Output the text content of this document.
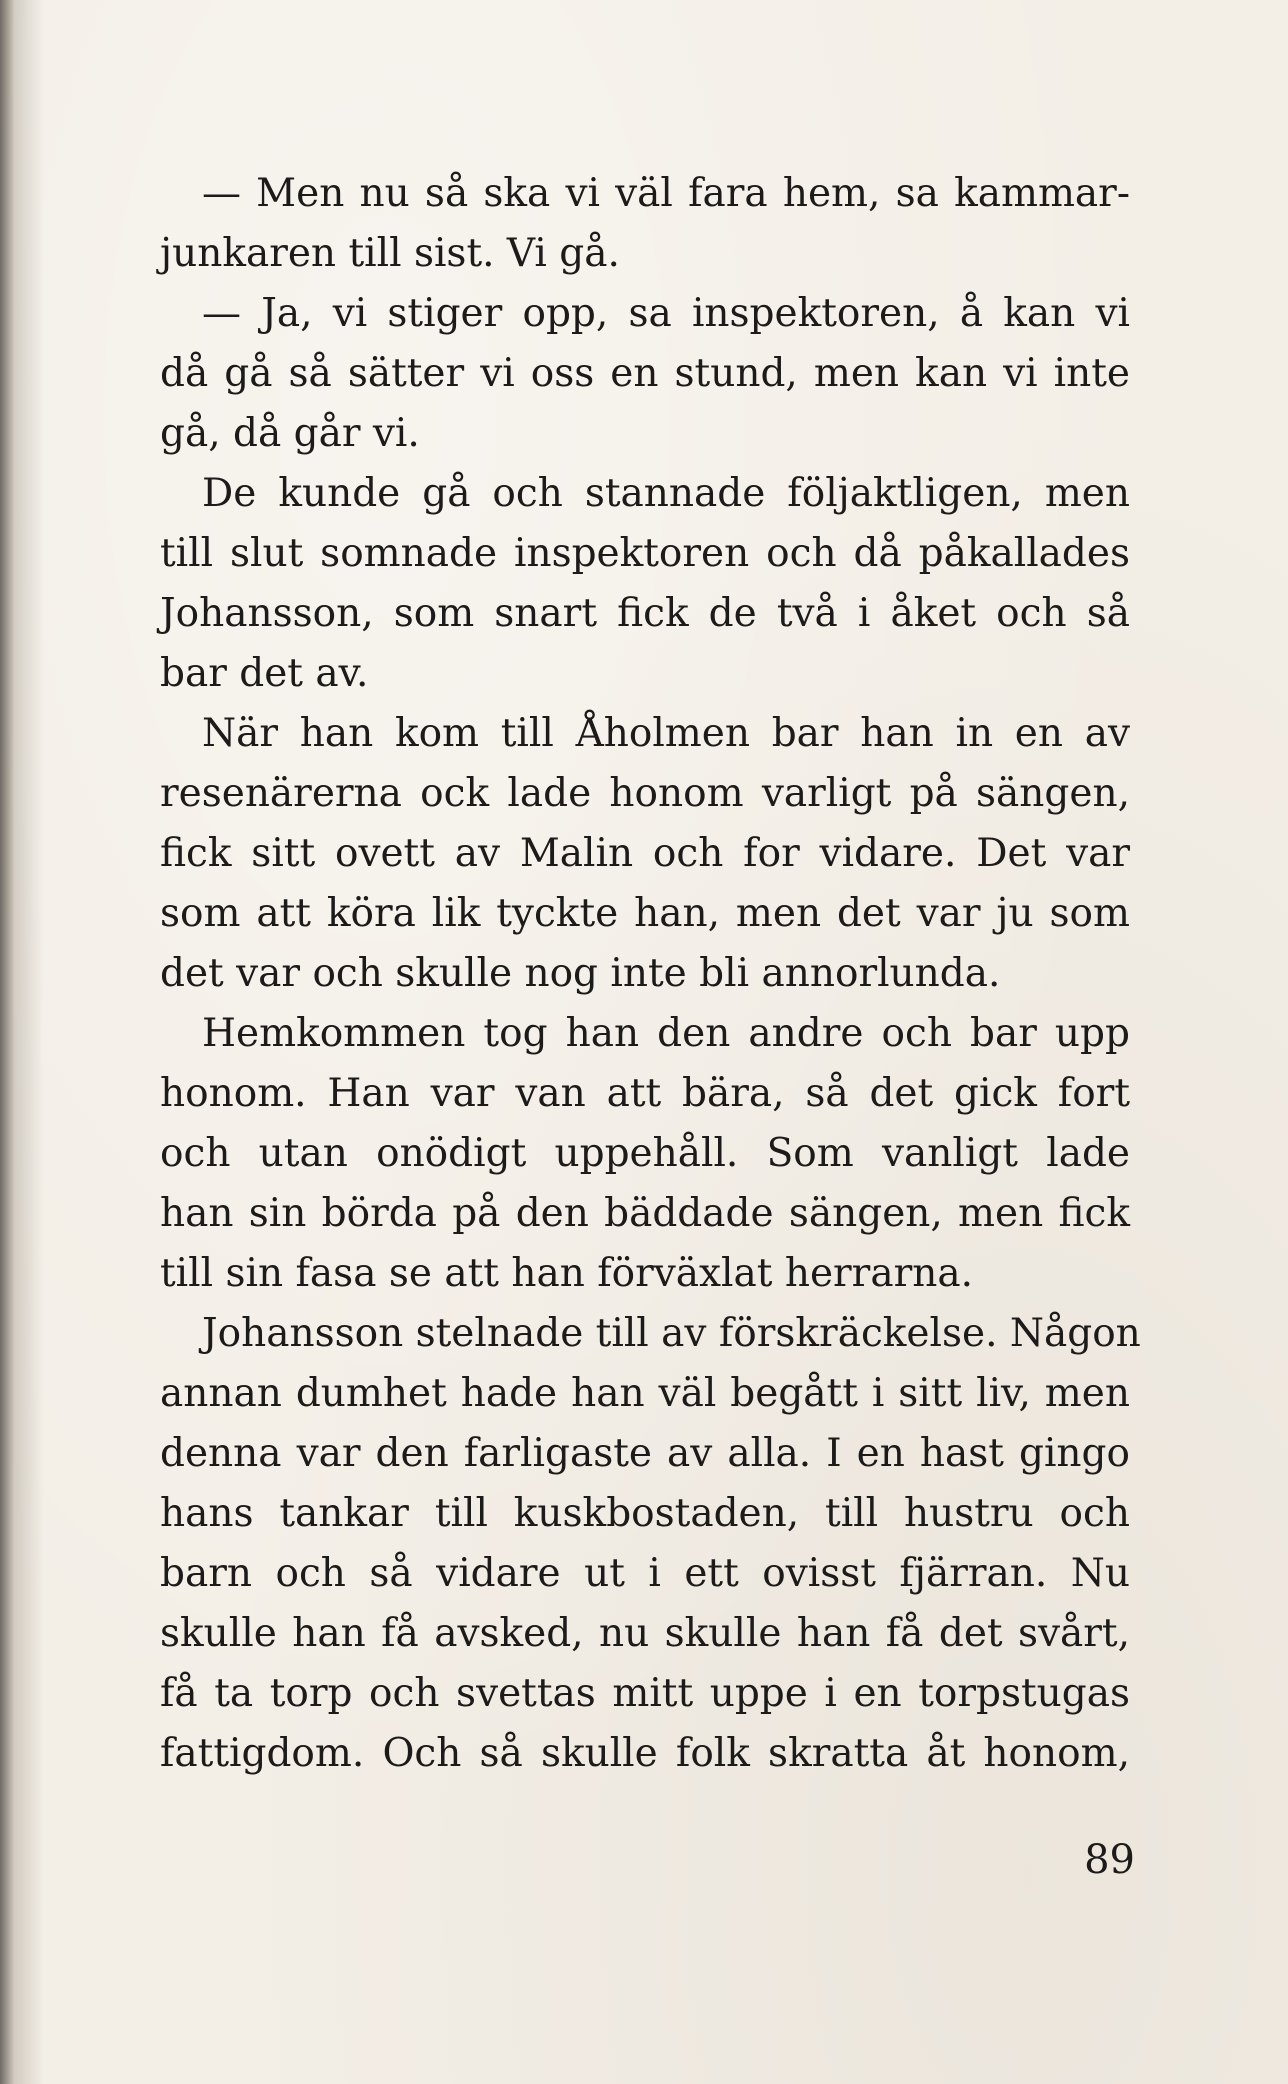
— Men nu så ska vi väl fara hem, sa kammar-
junkaren till sist. Vi gå.
— Ja, vi stiger opp, sa inspektoren, å kan vi
då gå så sätter vi oss en stund, men kan vi inte
gå, då går vi.
De kunde gå och stannade följaktligen, men
till slut somnade inspektoren och då påkallades
Johansson, som snart fick de två i åket och så
bar det av.
När han kom till Åholmen bar han in en av
resenärerna ock lade honom varligt på sängen,
fick sitt ovett av Malin och for vidare. Det var
som att köra lik tyckte han, men det var ju som
det var och skulle nog inte bli annorlunda.
Hemkommen tog han den andre och bar upp
honom. Han var van att bära, så det gick fort
och utan onödigt uppehåll. Som vanligt lade
han sin börda på den bäddade sängen, men fick
till sin fasa se att han förväxlat herrarna.
Johansson stelnade till av förskräckelse. Någon
annan dumhet hade han väl begått i sitt liv, men
denna var den farligaste av alla. I en hast gingo
hans tankar till kuskbostaden, till hustru och
barn och så vidare ut i ett ovisst fjärran. Nu
skulle han få avsked, nu skulle han få det svårt,
få ta torp och svettas mitt uppe i en torpstugas
fattigdom. Och så skulle folk skratta åt honom,
89
